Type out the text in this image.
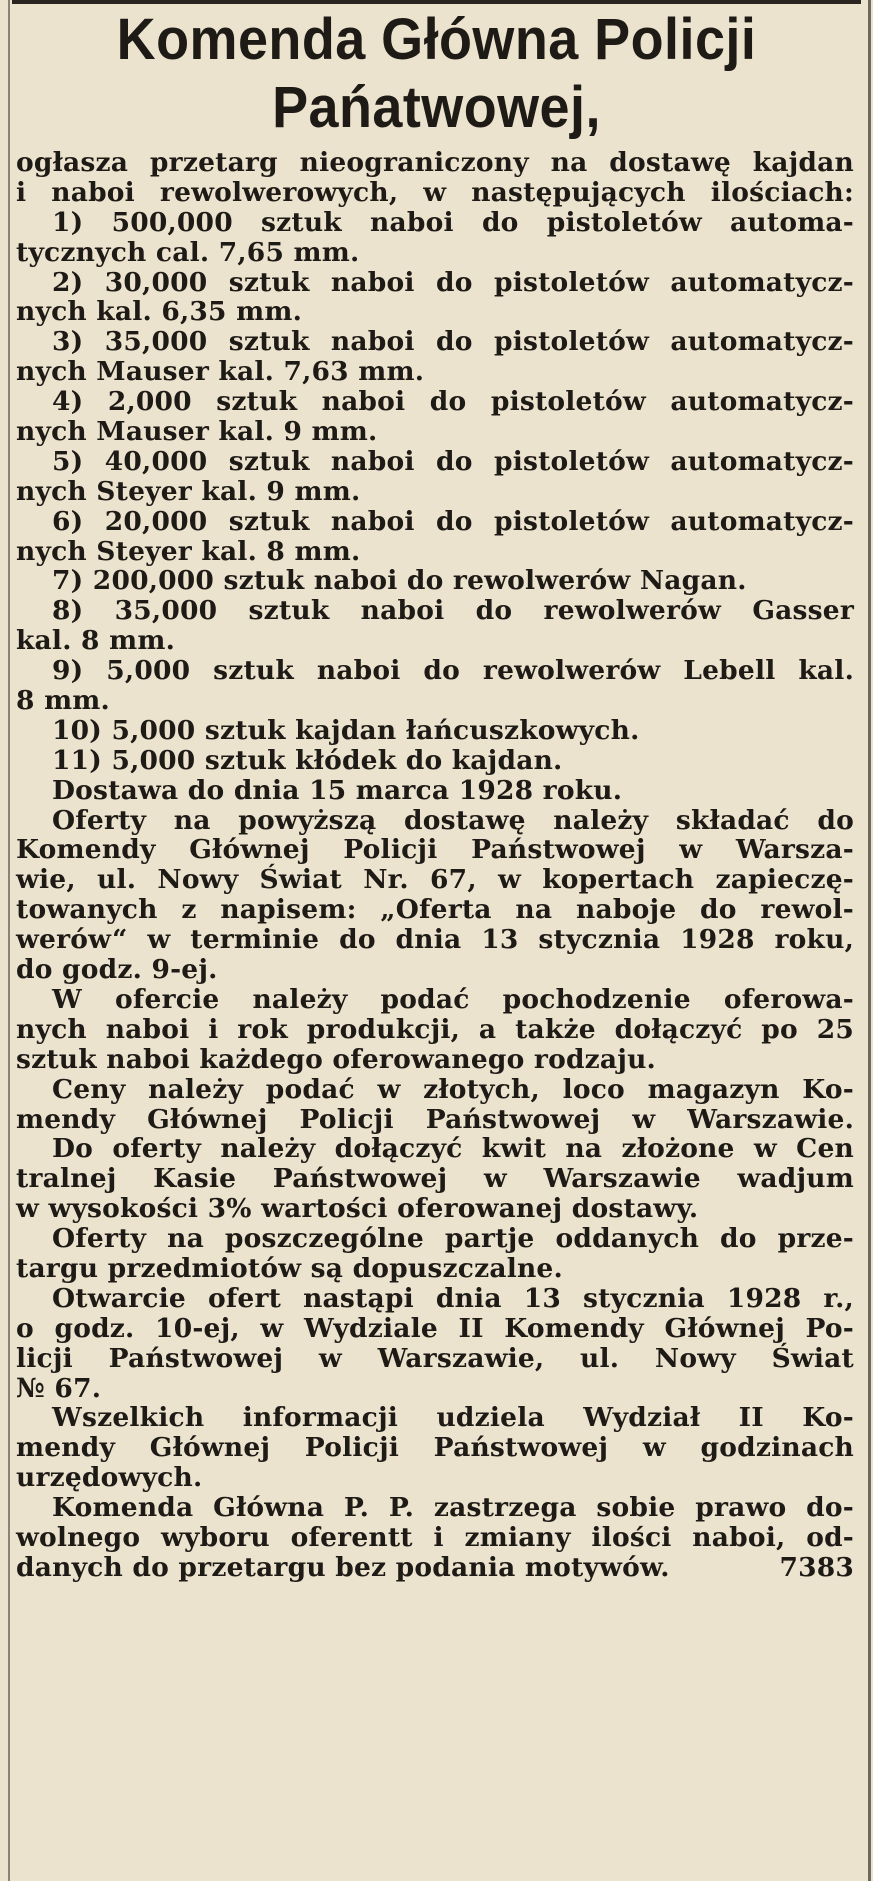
Komenda Główna Policji
Pańatwowej,
ogłasza przetarg nieograniczony na dostawę kajdan
i naboi rewolwerowych, w następujących ilościach:
1) 500,000 sztuk naboi do pistoletów automa-
tycznych cal. 7,65 mm.
2) 30,000 sztuk naboi do pistoletów automatycz-
nych kal. 6,35 mm.
3) 35,000 sztuk naboi do pistoletów automatycz-
nych Mauser kal. 7,63 mm.
4) 2,000 sztuk naboi do pistoletów automatycz-
nych Mauser kal. 9 mm.
5) 40,000 sztuk naboi do pistoletów automatycz-
nych Steyer kal. 9 mm.
6) 20,000 sztuk naboi do pistoletów automatycz-
nych Steyer kal. 8 mm.
7) 200,000 sztuk naboi do rewolwerów Nagan.
8) 35,000 sztuk naboi do rewolwerów Gasser
kal. 8 mm.
9) 5,000 sztuk naboi do rewolwerów Lebell kal.
8 mm.
10) 5,000 sztuk kajdan łańcuszkowych.
11) 5,000 sztuk kłódek do kajdan.
Dostawa do dnia 15 marca 1928 roku.
Oferty na powyższą dostawę należy składać do
Komendy Głównej Policji Państwowej w Warsza-
wie, ul. Nowy Świat Nr. 67, w kopertach zapieczę-
towanych z napisem: „Oferta na naboje do rewol-
werów“ w terminie do dnia 13 stycznia 1928 roku,
do godz. 9-ej.
W ofercie należy podać pochodzenie oferowa-
nych naboi i rok produkcji, a także dołączyć po 25
sztuk naboi każdego oferowanego rodzaju.
Ceny należy podać w złotych, loco magazyn Ko-
mendy Głównej Policji Państwowej w Warszawie.
Do oferty należy dołączyć kwit na złożone w Cen
tralnej Kasie Państwowej w Warszawie wadjum
w wysokości 3% wartości oferowanej dostawy.
Oferty na poszczególne partje oddanych do prze-
targu przedmiotów są dopuszczalne.
Otwarcie ofert nastąpi dnia 13 stycznia 1928 r.,
o godz. 10-ej, w Wydziale II Komendy Głównej Po-
licji Państwowej w Warszawie, ul. Nowy Świat
№ 67.
Wszelkich informacji udziela Wydział II Ko-
mendy Głównej Policji Państwowej w godzinach
urzędowych.
Komenda Główna P. P. zastrzega sobie prawo do-
wolnego wyboru oferentt i zmiany ilości naboi, od-
danych do przetargu bez podania motywów.	7383
